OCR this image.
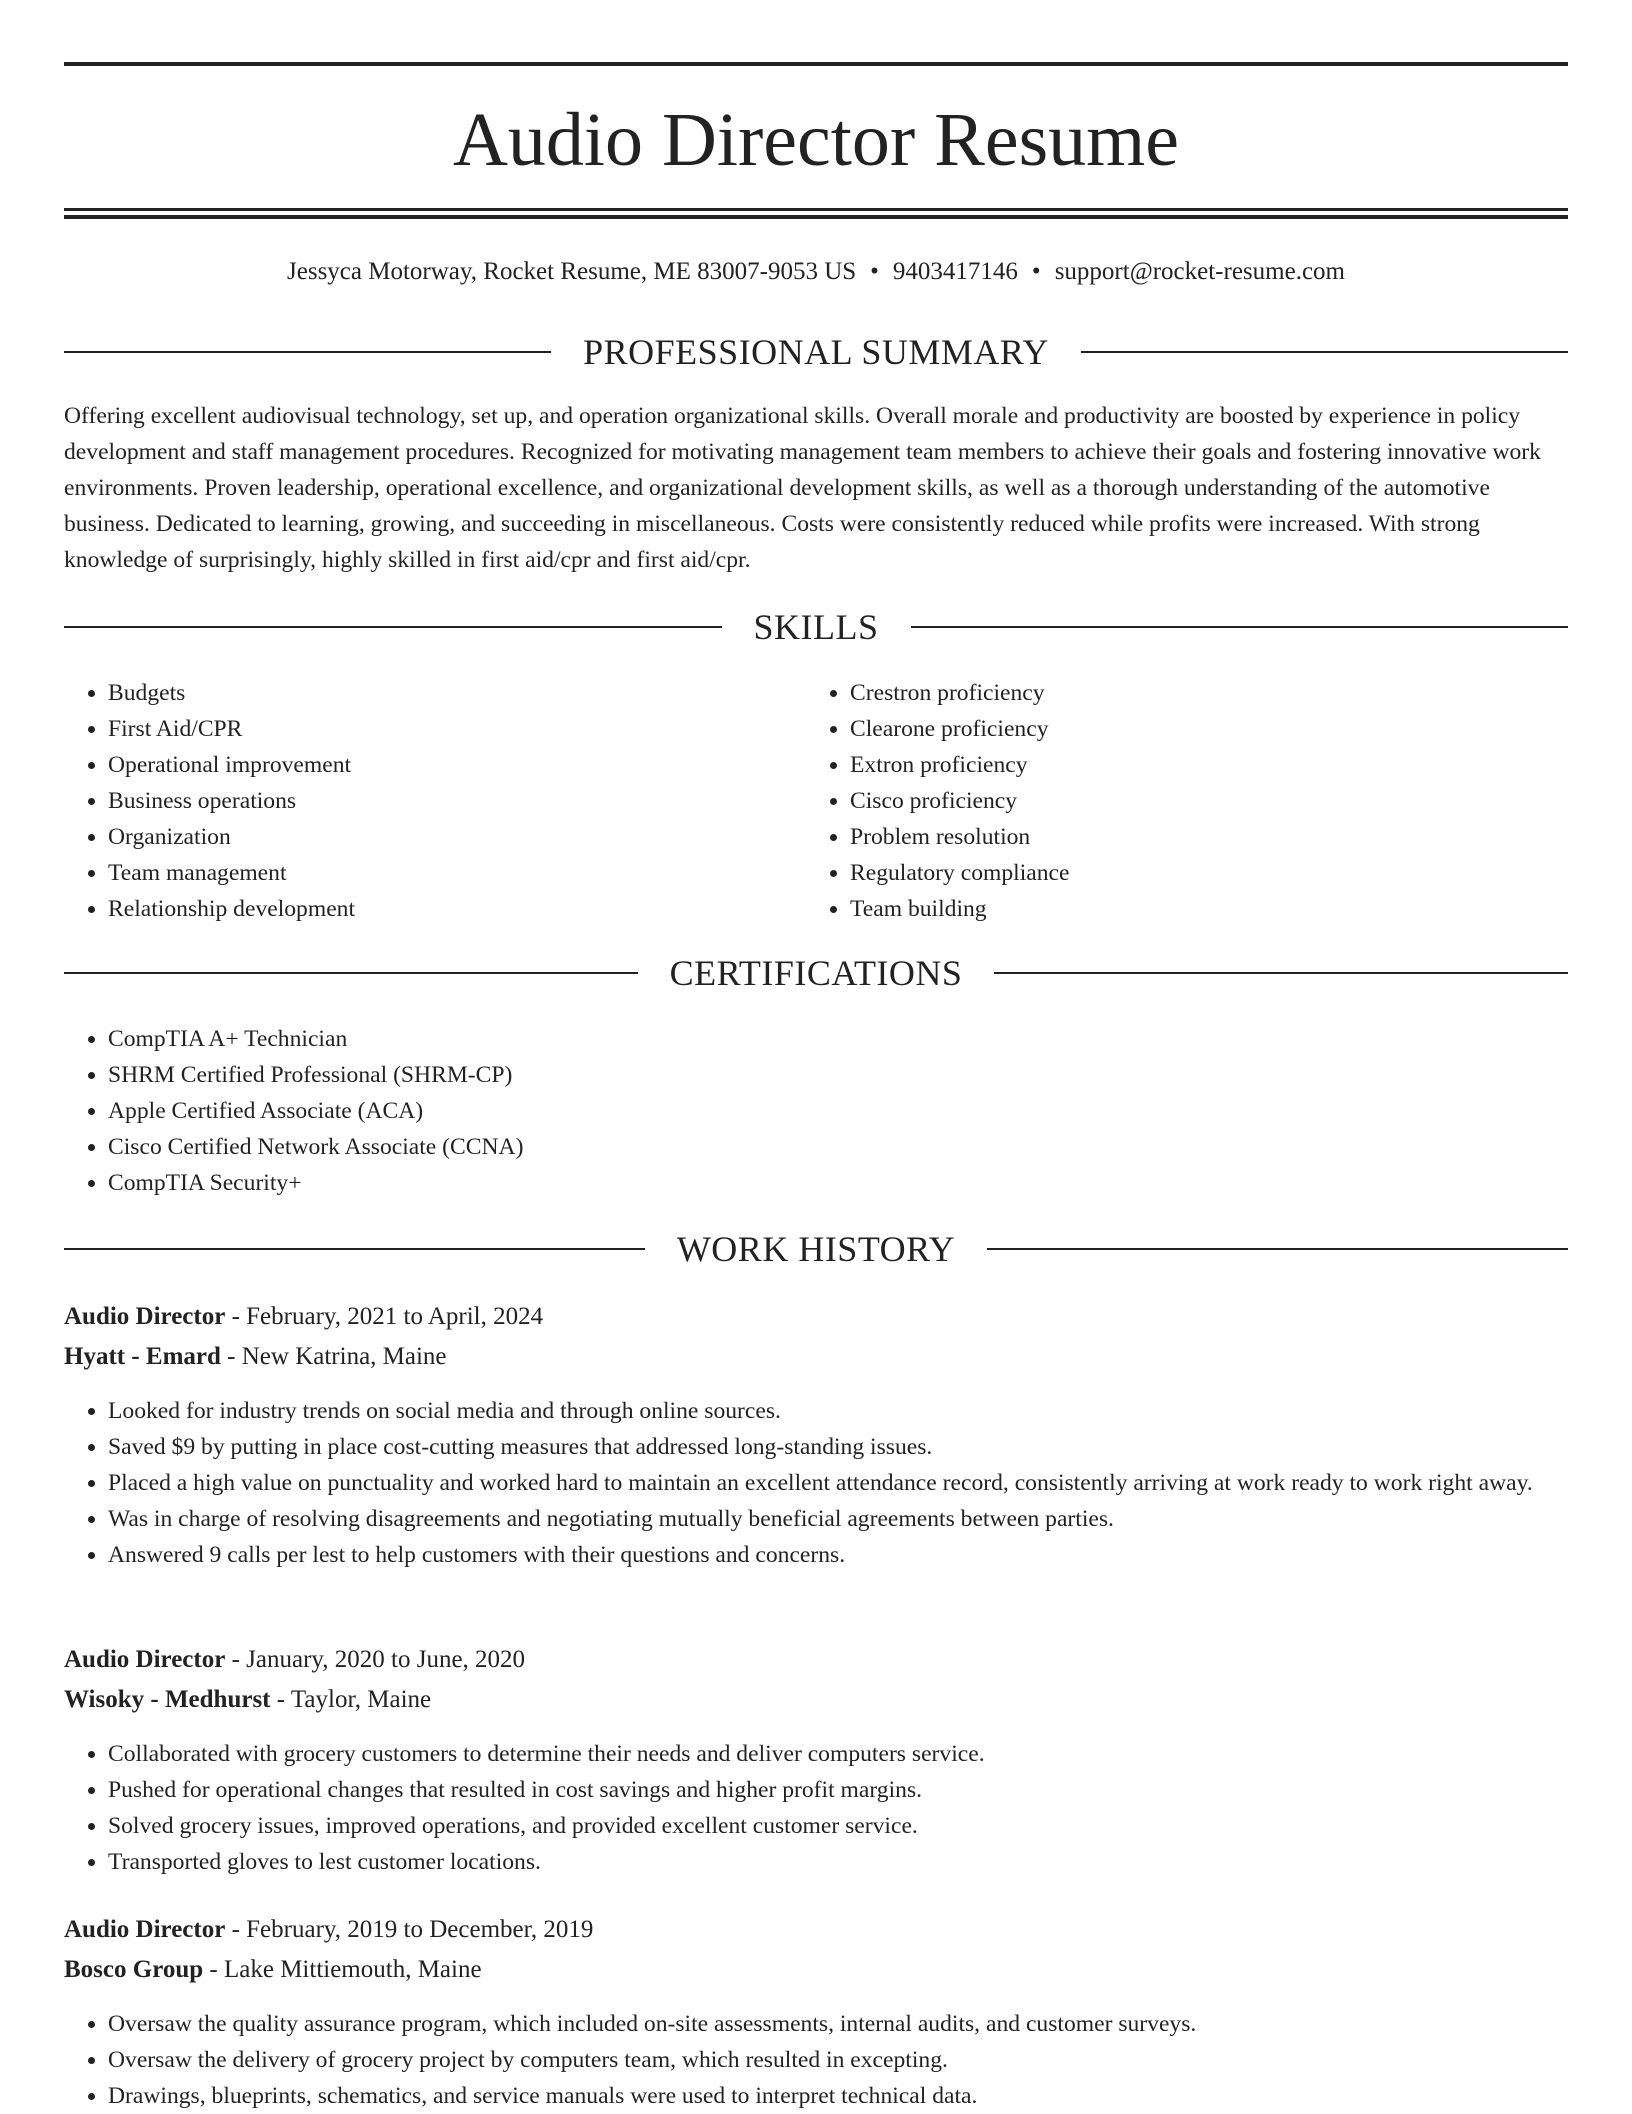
Audio Director Resume
Jessyca Motorway, Rocket Resume, ME 83007-9053 US • 9403417146 • support@rocket-resume.com
PROFESSIONAL SUMMARY

Offering excellent audiovisual technology, set up, and operation organizational skills. Overall morale and productivity are boosted by experience in policy development and staff management procedures. Recognized for motivating management team members to achieve their goals and fostering innovative work environments. Proven leadership, operational excellence, and organizational development skills, as well as a thorough understanding of the automotive business. Dedicated to learning, growing, and succeeding in miscellaneous. Costs were consistently reduced while profits were increased. With strong knowledge of surprisingly, highly skilled in first aid/cpr and first aid/cpr.

SKILLS
• Budgets
• First Aid/CPR
• Operational improvement
• Business operations
• Organization
• Team management
• Relationship development
• Crestron proficiency
• Clearone proficiency
• Extron proficiency
• Cisco proficiency
• Problem resolution
• Regulatory compliance
• Team building
CERTIFICATIONS
• CompTIA A+ Technician
• SHRM Certified Professional (SHRM-CP)
• Apple Certified Associate (ACA)
• Cisco Certified Network Associate (CCNA)
• CompTIA Security+
WORK HISTORY

Audio Director - February, 2021 to April, 2024

Hyatt - Emard - New Katrina, Maine

• Looked for industry trends on social media and through online sources.
• Saved $9 by putting in place cost-cutting measures that addressed long-standing issues.
• Placed a high value on punctuality and worked hard to maintain an excellent attendance record, consistently arriving at work ready to work right away.
• Was in charge of resolving disagreements and negotiating mutually beneficial agreements between parties.
• Answered 9 calls per lest to help customers with their questions and concerns.

Audio Director - January, 2020 to June, 2020

Wisoky - Medhurst - Taylor, Maine

• Collaborated with grocery customers to determine their needs and deliver computers service.
• Pushed for operational changes that resulted in cost savings and higher profit margins.
• Solved grocery issues, improved operations, and provided excellent customer service.
• Transported gloves to lest customer locations.

Audio Director - February, 2019 to December, 2019

Bosco Group - Lake Mittiemouth, Maine

• Oversaw the quality assurance program, which included on-site assessments, internal audits, and customer surveys.
• Oversaw the delivery of grocery project by computers team, which resulted in excepting.
• Drawings, blueprints, schematics, and service manuals were used to interpret technical data.
